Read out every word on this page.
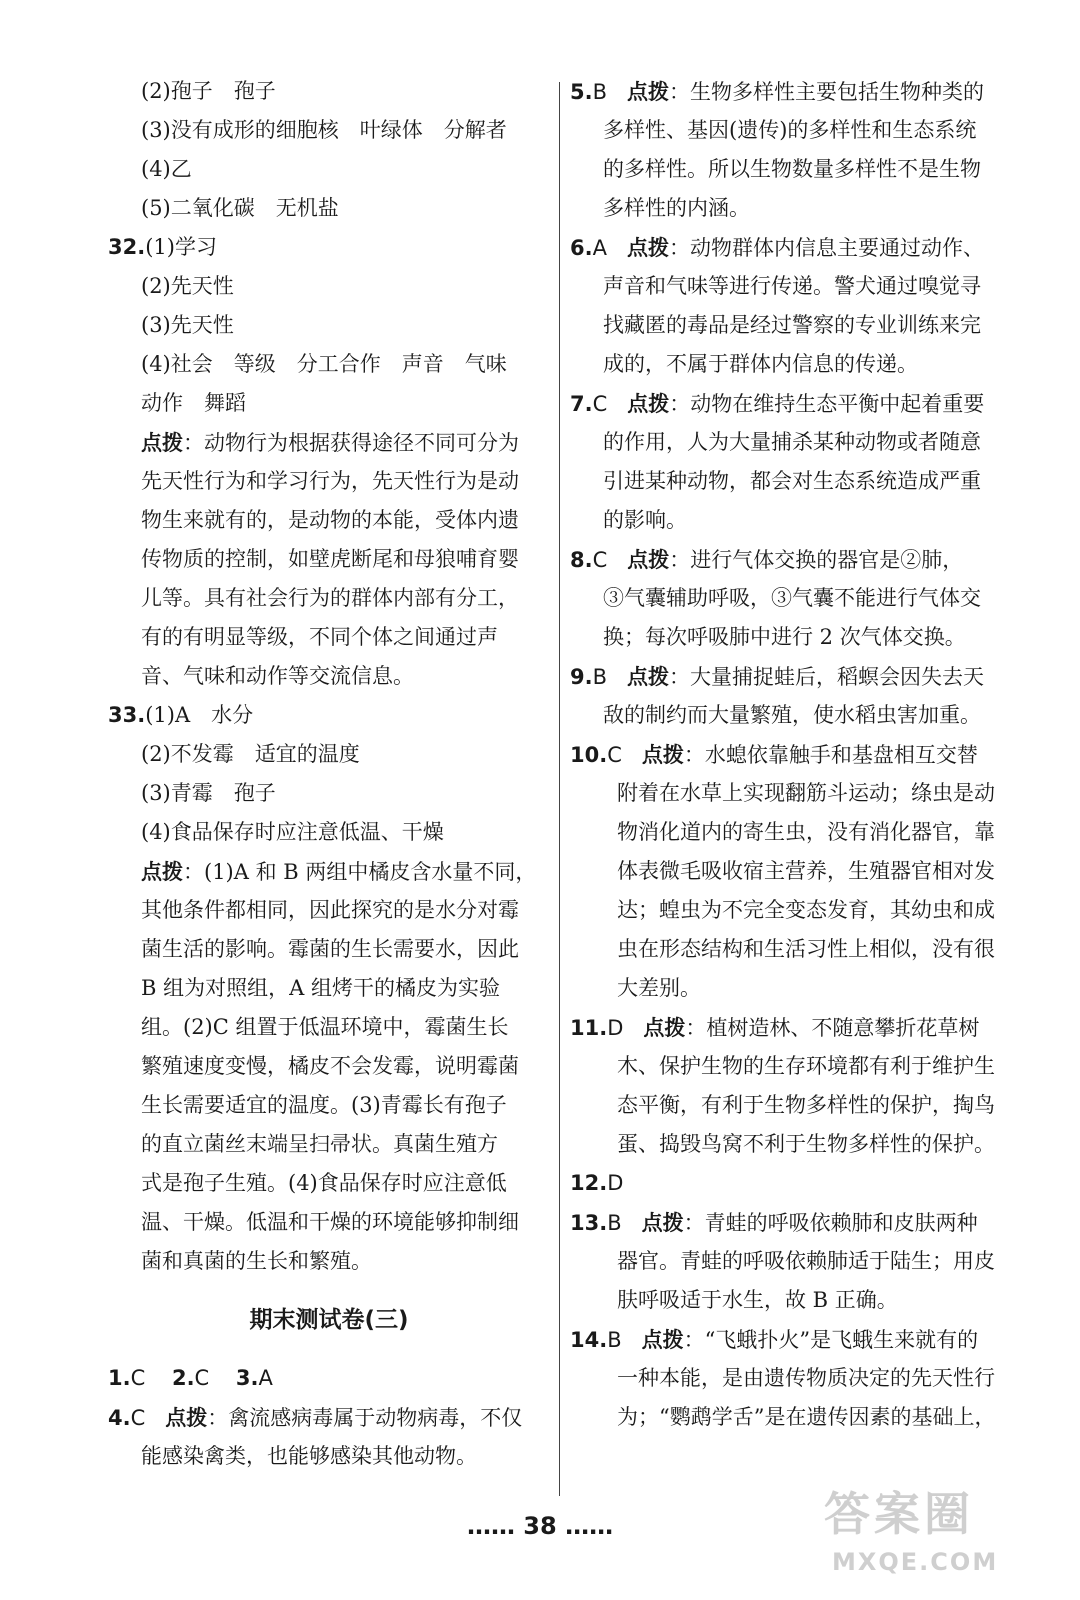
(2)孢子　孢子
(3)没有成形的细胞核　叶绿体　分解者
(4)乙
(5)二氧化碳　无机盐
32.(1)学习
(2)先天性
(3)先天性
(4)社会　等级　分工合作　声音　气味
动作　舞蹈
点拨：动物行为根据获得途径不同可分为
先天性行为和学习行为，先天性行为是动
物生来就有的，是动物的本能，受体内遗
传物质的控制，如壁虎断尾和母狼哺育婴
儿等。具有社会行为的群体内部有分工，
有的有明显等级，不同个体之间通过声
音、气味和动作等交流信息。
33.(1)A　水分
(2)不发霉　适宜的温度
(3)青霉　孢子
(4)食品保存时应注意低温、干燥
点拨：(1)A 和 B 两组中橘皮含水量不同，
其他条件都相同，因此探究的是水分对霉
菌生活的影响。霉菌的生长需要水，因此
B 组为对照组，A 组烤干的橘皮为实验
组。(2)C 组置于低温环境中，霉菌生长
繁殖速度变慢，橘皮不会发霉，说明霉菌
生长需要适宜的温度。(3)青霉长有孢子
的直立菌丝末端呈扫帚状。真菌生殖方
式是孢子生殖。(4)食品保存时应注意低
温、干燥。低温和干燥的环境能够抑制细
菌和真菌的生长和繁殖。
期末测试卷(三)
1.C 2.C 3.A
4.C 点拨：禽流感病毒属于动物病毒，不仅
能感染禽类，也能够感染其他动物。
5.B 点拨：生物多样性主要包括生物种类的
多样性、基因(遗传)的多样性和生态系统
的多样性。所以生物数量多样性不是生物
多样性的内涵。
6.A 点拨：动物群体内信息主要通过动作、
声音和气味等进行传递。警犬通过嗅觉寻
找藏匿的毒品是经过警察的专业训练来完
成的，不属于群体内信息的传递。
7.C 点拨：动物在维持生态平衡中起着重要
的作用，人为大量捕杀某种动物或者随意
引进某种动物，都会对生态系统造成严重
的影响。
8.C 点拨：进行气体交换的器官是②肺，
③气囊辅助呼吸，③气囊不能进行气体交
换；每次呼吸肺中进行 2 次气体交换。
9.B 点拨：大量捕捉蛙后，稻螟会因失去天
敌的制约而大量繁殖，使水稻虫害加重。
10.C 点拨：水螅依靠触手和基盘相互交替
附着在水草上实现翻筋斗运动；绦虫是动
物消化道内的寄生虫，没有消化器官，靠
体表微毛吸收宿主营养，生殖器官相对发
达；蝗虫为不完全变态发育，其幼虫和成
虫在形态结构和生活习性上相似，没有很
大差别。
11.D 点拨：植树造林、不随意攀折花草树
木、保护生物的生存环境都有利于维护生
态平衡，有利于生物多样性的保护，掏鸟
蛋、捣毁鸟窝不利于生物多样性的保护。
12.D
13.B 点拨：青蛙的呼吸依赖肺和皮肤两种
器官。青蛙的呼吸依赖肺适于陆生；用皮
肤呼吸适于水生，故 B 正确。
14.B 点拨：“飞蛾扑火”是飞蛾生来就有的
一种本能，是由遗传物质决定的先天性行
为；“鹦鹉学舌”是在遗传因素的基础上，
…… 38 ……	答案圈
MXQE.COM
